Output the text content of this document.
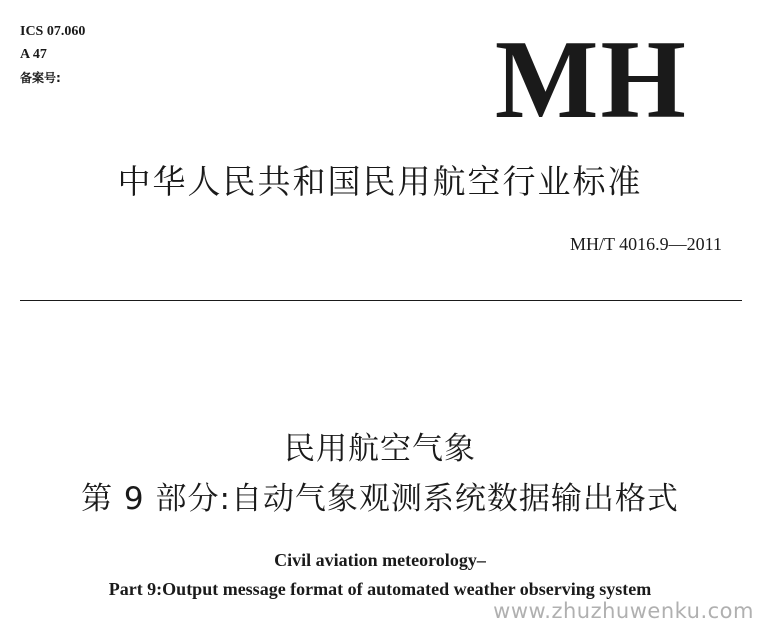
ICS 07.060
A 47
备案号:	MH
中华人民共和国民用航空行业标准
MH/T 4016.9—2011
民用航空气象
第 9 部分:自动气象观测系统数据输出格式
Civil aviation meteorology–
Part 9:Output message format of automated weather observing system
www.zhuzhuwenku.com
